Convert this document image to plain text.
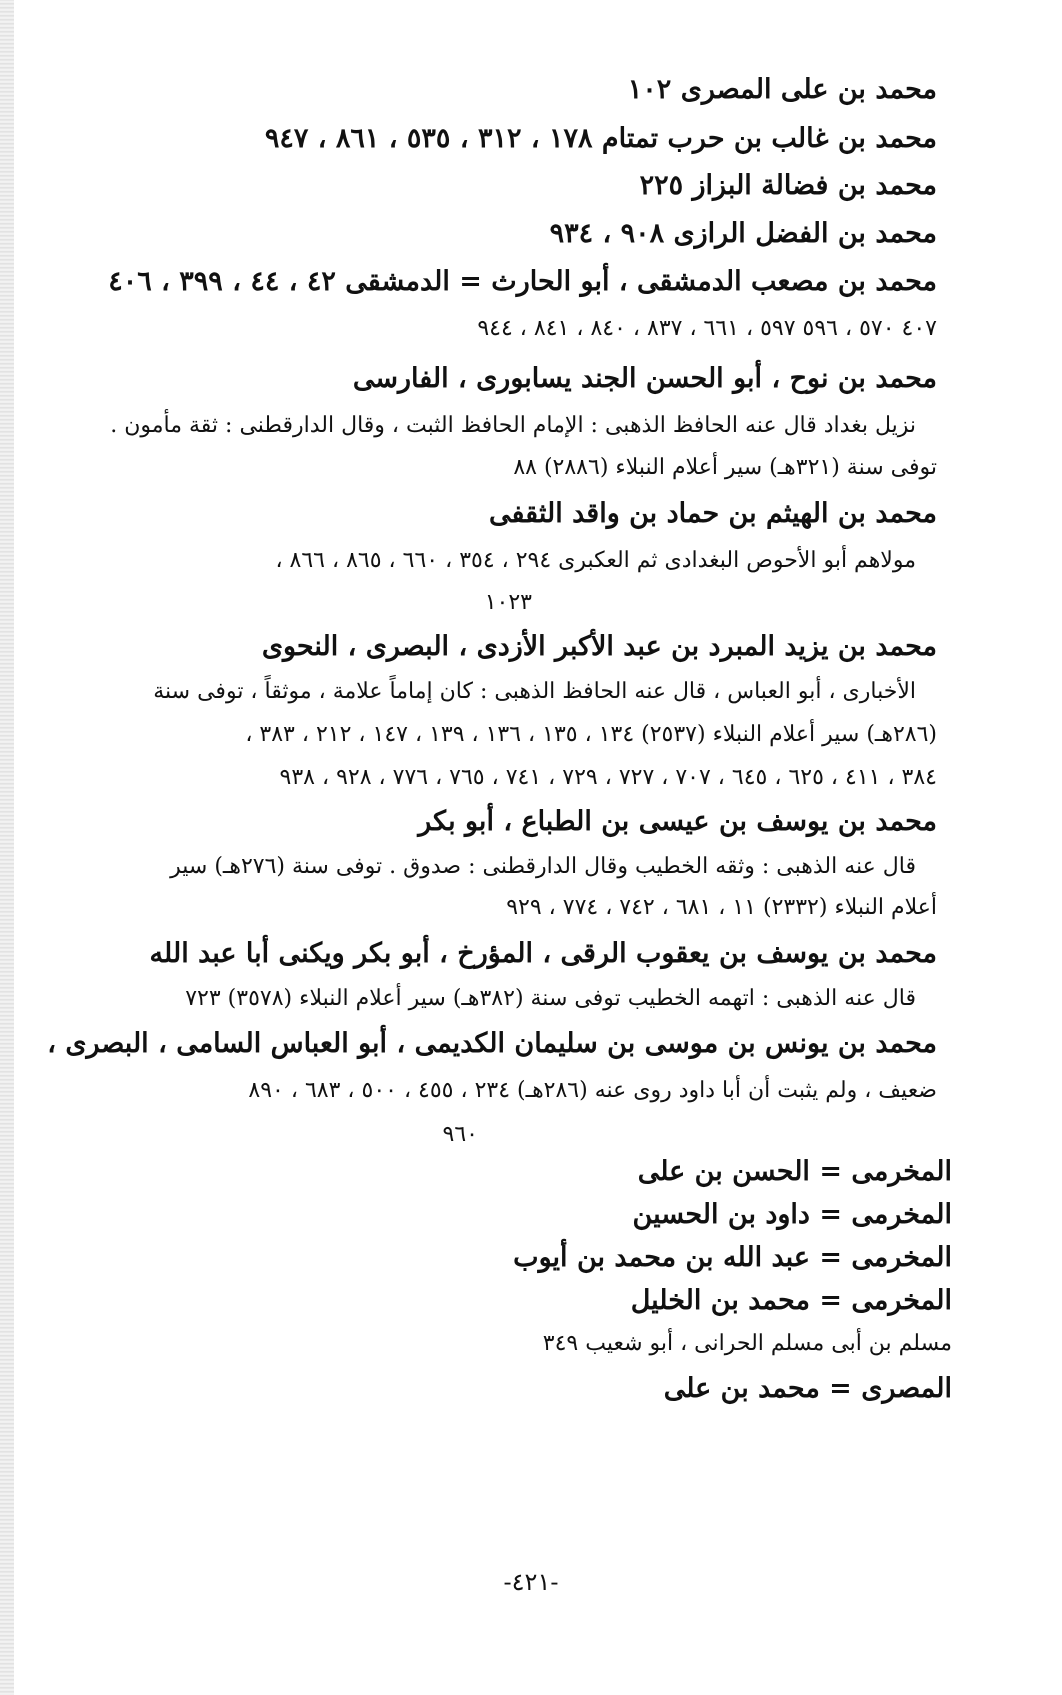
محمد بن على المصرى ١٠٢
محمد بن غالب بن حرب تمتام ١٧٨ ، ٣١٢ ، ٥٣٥ ، ٨٦١ ، ٩٤٧
محمد بن فضالة البزاز ٢٢٥
محمد بن الفضل الرازى ٩٠٨ ، ٩٣٤
محمد بن مصعب الدمشقى ، أبو الحارث = الدمشقى ٤٢ ، ٤٤ ، ٣٩٩ ، ٤٠٦
٤٠٧ ٥٧٠ ، ٥٩٦ ٥٩٧ ، ٦٦١ ، ٨٣٧ ، ٨٤٠ ، ٨٤١ ، ٩٤٤
محمد بن نوح ، أبو الحسن الجند يسابورى ، الفارسى
نزيل بغداد قال عنه الحافظ الذهبى : الإمام الحافظ الثبت ، وقال الدارقطنى : ثقة مأمون .
توفى سنة (٣٢١هـ) سير أعلام النبلاء (٢٨٨٦) ٨٨
محمد بن الهيثم بن حماد بن واقد الثقفى
مولاهم أبو الأحوص البغدادى ثم العكبرى ٢٩٤ ، ٣٥٤ ، ٦٦٠ ، ٨٦٥ ، ٨٦٦ ،
١٠٢٣
محمد بن يزيد المبرد بن عبد الأكبر الأزدى ، البصرى ، النحوى
الأخبارى ، أبو العباس ، قال عنه الحافظ الذهبى : كان إماماً علامة ، موثقاً ، توفى سنة
(٢٨٦هـ) سير أعلام النبلاء (٢٥٣٧) ١٣٤ ، ١٣٥ ، ١٣٦ ، ١٣٩ ، ١٤٧ ، ٢١٢ ، ٣٨٣ ،
٣٨٤ ، ٤١١ ، ٦٢٥ ، ٦٤٥ ، ٧٠٧ ، ٧٢٧ ، ٧٢٩ ، ٧٤١ ، ٧٦٥ ، ٧٧٦ ، ٩٢٨ ، ٩٣٨
محمد بن يوسف بن عيسى بن الطباع ، أبو بكر
قال عنه الذهبى : وثقه الخطيب وقال الدارقطنى : صدوق . توفى سنة (٢٧٦هـ) سير
أعلام النبلاء (٢٣٣٢) ١١ ، ٦٨١ ، ٧٤٢ ، ٧٧٤ ، ٩٢٩
محمد بن يوسف بن يعقوب الرقى ، المؤرخ ، أبو بكر ويكنى أبا عبد الله
قال عنه الذهبى : اتهمه الخطيب توفى سنة (٣٨٢هـ) سير أعلام النبلاء (٣٥٧٨) ٧٢٣
محمد بن يونس بن موسى بن سليمان الكديمى ، أبو العباس السامى ، البصرى ،
ضعيف ، ولم يثبت أن أبا داود روى عنه (٢٨٦هـ) ٢٣٤ ، ٤٥٥ ، ٥٠٠ ، ٦٨٣ ، ٨٩٠
٩٦٠
المخرمى = الحسن بن على
المخرمى = داود بن الحسين
المخرمى = عبد الله بن محمد بن أيوب
المخرمى = محمد بن الخليل
مسلم بن أبى مسلم الحرانى ، أبو شعيب ٣٤٩
المصرى = محمد بن على
-٤٢١-
